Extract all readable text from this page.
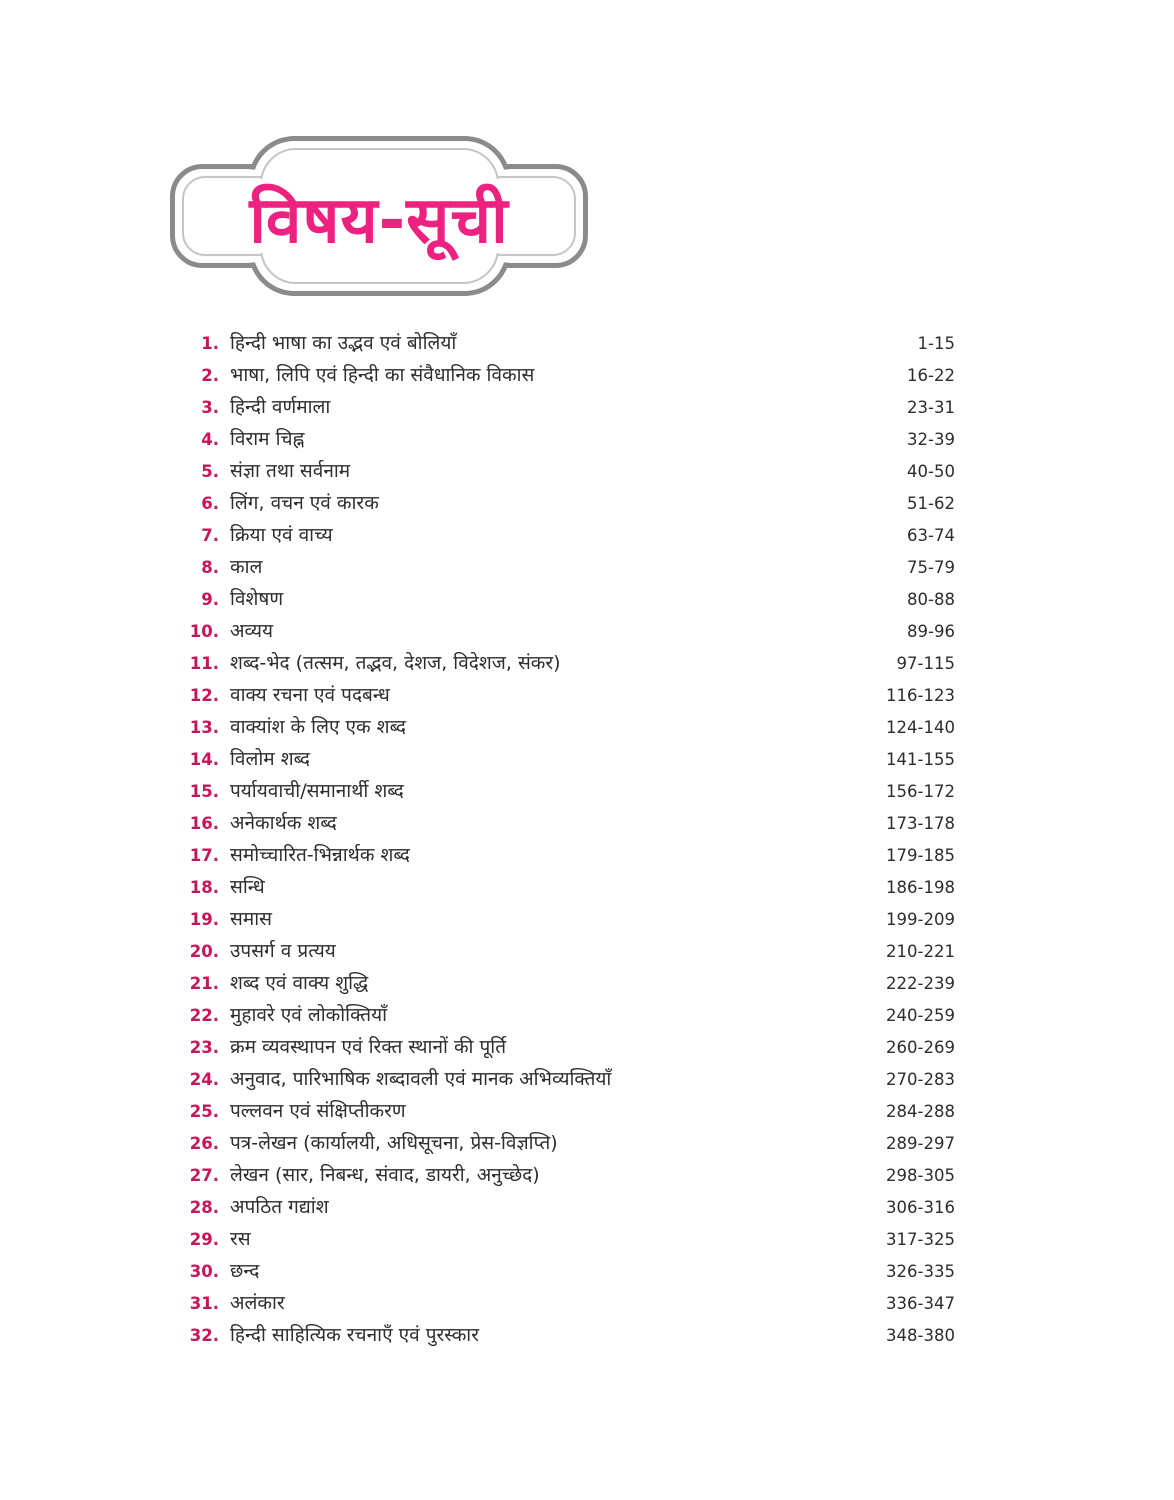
विषय-सूची
1. हिन्दी भाषा का उद्भव एवं बोलियाँ	1-15
2. भाषा, लिपि एवं हिन्दी का संवैधानिक विकास	16-22
3. हिन्दी वर्णमाला	23-31
4. विराम चिह्न	32-39
5. संज्ञा तथा सर्वनाम	40-50
6. लिंग, वचन एवं कारक	51-62
7. क्रिया एवं वाच्य	63-74
8. काल	75-79
9. विशेषण	80-88
10. अव्यय	89-96
11. शब्द-भेद (तत्सम, तद्भव, देशज, विदेशज, संकर)	97-115
12. वाक्य रचना एवं पदबन्ध	116-123
13. वाक्यांश के लिए एक शब्द	124-140
14. विलोम शब्द	141-155
15. पर्यायवाची/समानार्थी शब्द	156-172
16. अनेकार्थक शब्द	173-178
17. समोच्चारित-भिन्नार्थक शब्द	179-185
18. सन्धि	186-198
19. समास	199-209
20. उपसर्ग व प्रत्यय	210-221
21. शब्द एवं वाक्य शुद्धि	222-239
22. मुहावरे एवं लोकोक्तियाँ	240-259
23. क्रम व्यवस्थापन एवं रिक्त स्थानों की पूर्ति	260-269
24. अनुवाद, पारिभाषिक शब्दावली एवं मानक अभिव्यक्तियाँ	270-283
25. पल्लवन एवं संक्षिप्तीकरण	284-288
26. पत्र-लेखन (कार्यालयी, अधिसूचना, प्रेस-विज्ञप्ति)	289-297
27. लेखन (सार, निबन्ध, संवाद, डायरी, अनुच्छेद)	298-305
28. अपठित गद्यांश	306-316
29. रस	317-325
30. छन्द	326-335
31. अलंकार	336-347
32. हिन्दी साहित्यिक रचनाएँ एवं पुरस्कार	348-380
